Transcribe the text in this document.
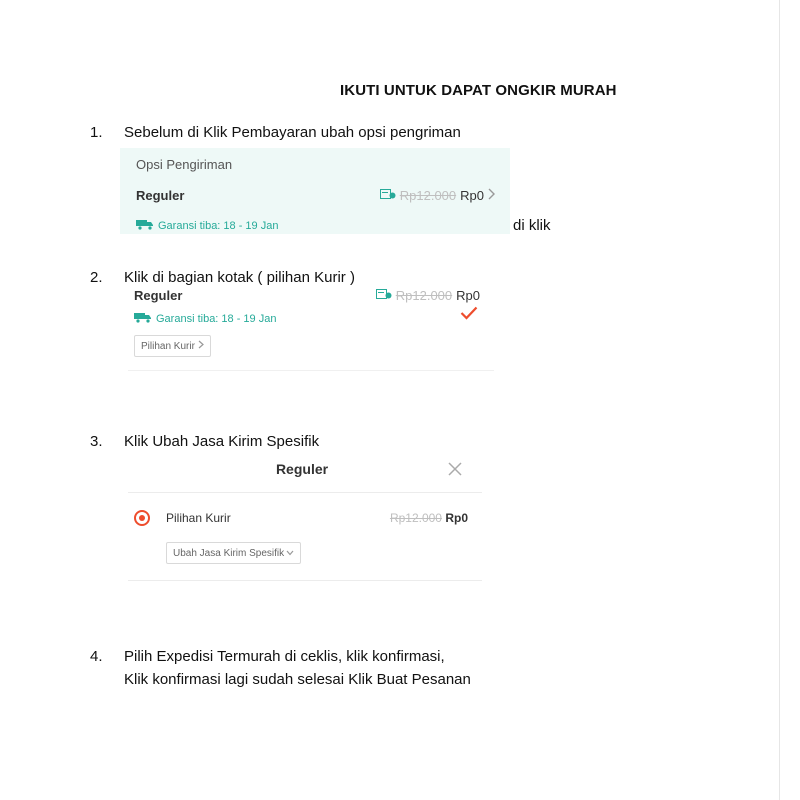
IKUTI UNTUK DAPAT ONGKIR MURAH
1. Sebelum di Klik Pembayaran ubah opsi pengriman
Opsi Pengiriman
Reguler	Rp12.000 Rp0
Garansi tiba: 18 - 19 Jan	di klik
2. Klik di bagian kotak ( pilihan Kurir )
Reguler	Rp12.000 Rp0
Garansi tiba: 18 - 19 Jan
Pilihan Kurir
3. Klik Ubah Jasa Kirim Spesifik
Reguler
Pilihan Kurir	Rp12.000 Rp0
Ubah Jasa Kirim Spesifik
4. Pilih Expedisi Termurah di ceklis, klik konfirmasi,
Klik konfirmasi lagi sudah selesai Klik Buat Pesanan
